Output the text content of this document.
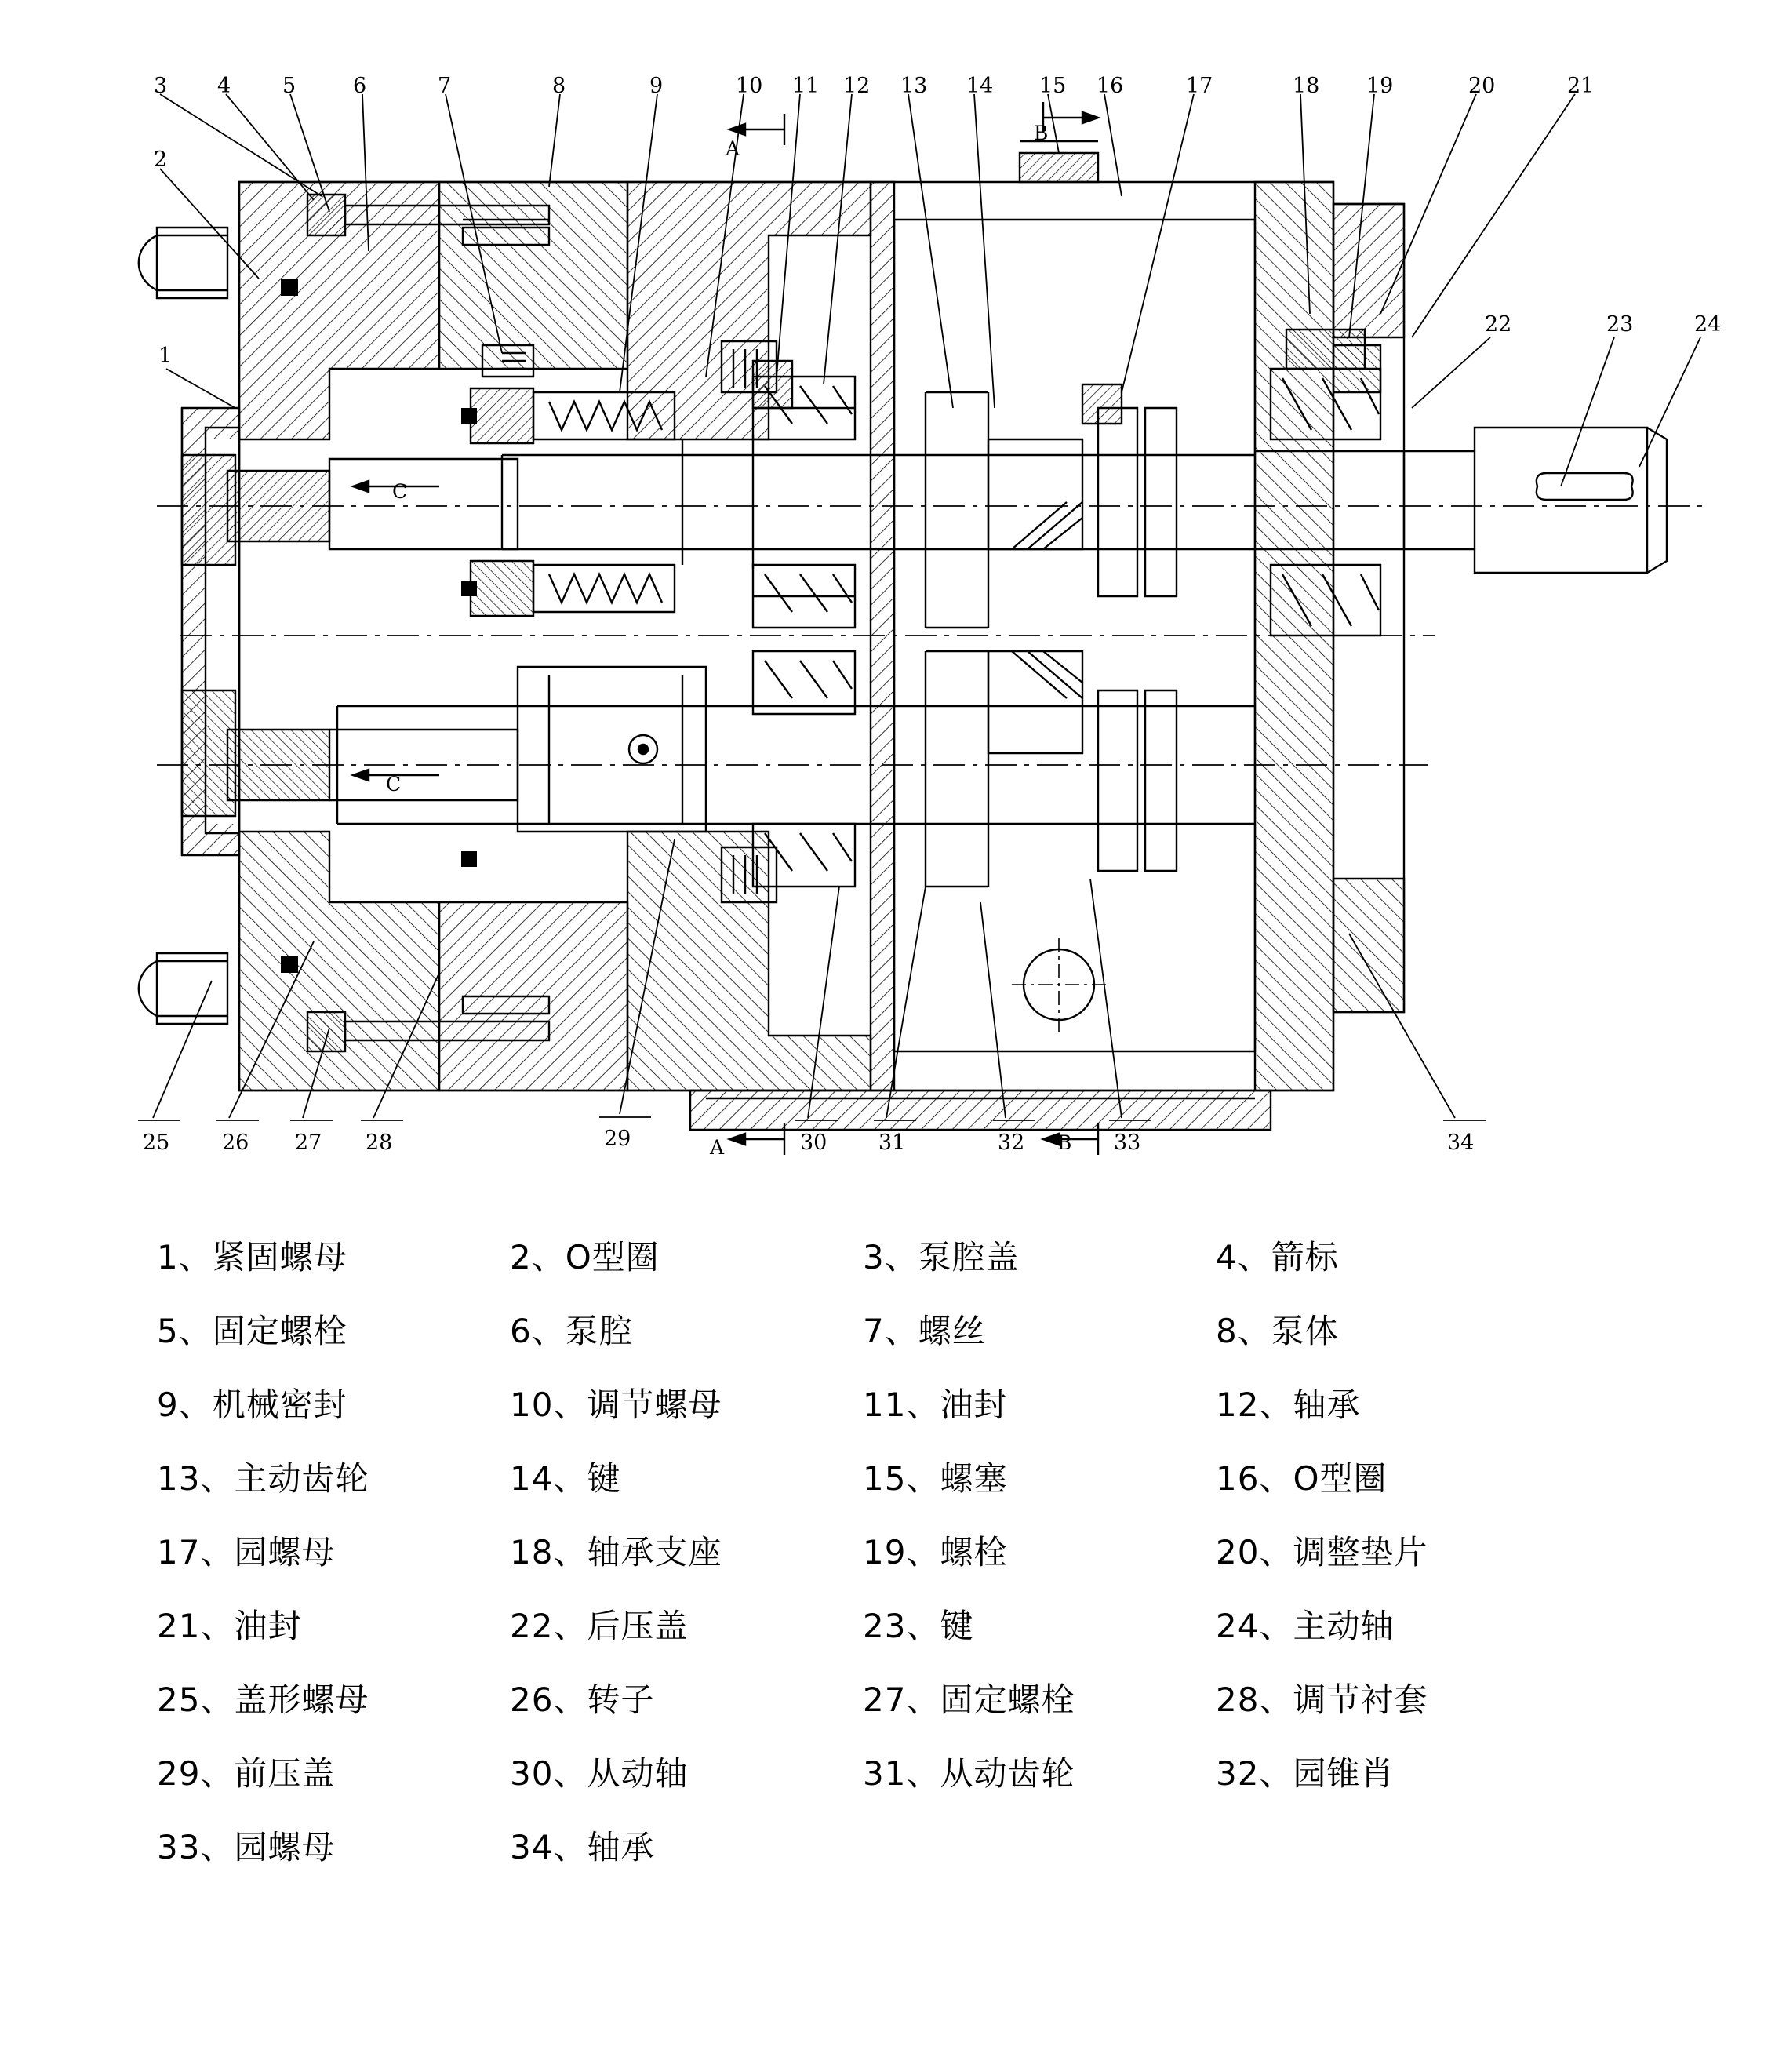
3 4 5	6	7	8	9	10 11 12 13 14 15 16	17	18 19	20	21
2
1
22	23	24
25 26 27 28	29	30 31	32	33	34
A
A
B
B
C
C
1、紧固螺母	2、O型圈	3、泵腔盖	4、箭标
5、固定螺栓	6、泵腔	7、螺丝	8、泵体
9、机械密封	10、调节螺母	11、油封	12、轴承
13、主动齿轮	14、键	15、螺塞	16、O型圈
17、园螺母	18、轴承支座	19、螺栓	20、调整垫片
21、油封	22、后压盖	23、键	24、主动轴
25、盖形螺母	26、转子	27、固定螺栓	28、调节衬套
29、前压盖	30、从动轴	31、从动齿轮	32、园锥肖
33、园螺母	34、轴承
